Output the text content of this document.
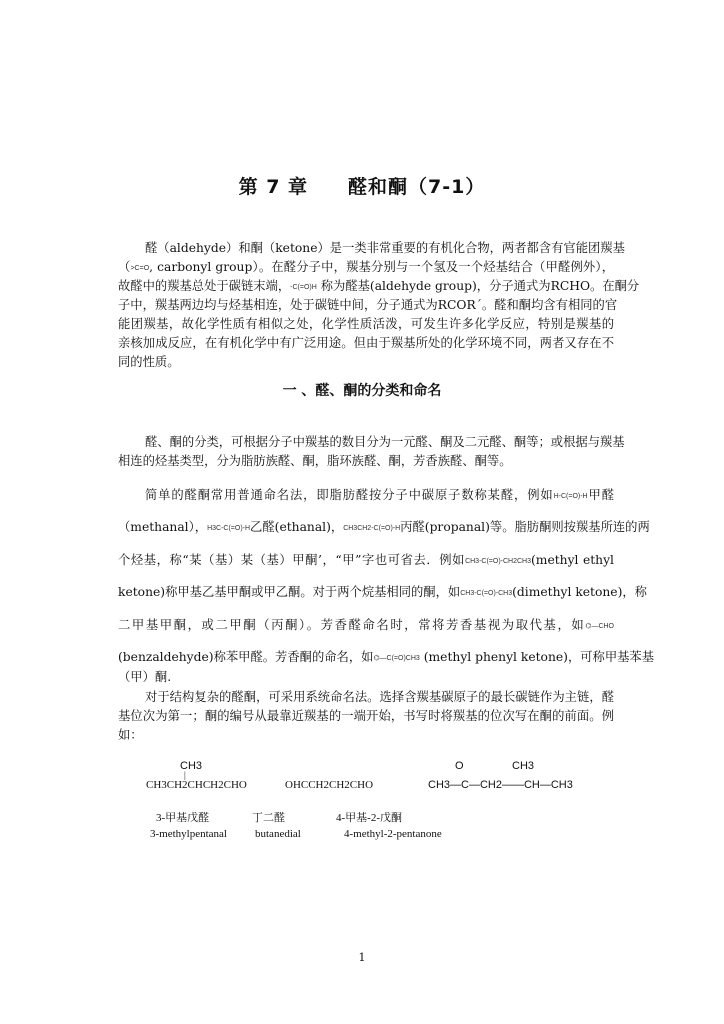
第 7 章　　醛和酮（7-1）
醛（aldehyde）和酮（ketone）是一类非常重要的有机化合物，两者都含有官能团羰基
（>C=O, carbonyl group）。在醛分子中，羰基分别与一个氢及一个烃基结合（甲醛例外），
故醛中的羰基总处于碳链末端，-C(=O)H 称为醛基(aldehyde group)，分子通式为RCHO。在酮分
子中，羰基两边均与烃基相连，处于碳链中间，分子通式为RCOR´。醛和酮均含有相同的官
能团羰基，故化学性质有相似之处，化学性质活泼，可发生许多化学反应，特别是羰基的
亲核加成反应，在有机化学中有广泛用途。但由于羰基所处的化学环境不同，两者又存在不
同的性质。
醛、酮的分类，可根据分子中羰基的数目分为一元醛、酮及二元醛、酮等；或根据与羰基
相连的烃基类型，分为脂肪族醛、酮，脂环族醛、酮，芳香族醛、酮等。
简单的醛酮常用普通命名法，即脂肪醛按分子中碳原子数称某醛，例如H-C(=O)-H甲醛
（methanal），H3C-C(=O)-H乙醛(ethanal)，CH3CH2-C(=O)-H丙醛(propanal)等。脂肪酮则按羰基所连的两
个烃基，称“某（基）某（基）甲酮’，“甲”字也可省去．例如CH3-C(=O)-CH2CH3(methyl ethyl
ketone)称甲基乙基甲酮或甲乙酮。对于两个烷基相同的酮，如CH3-C(=O)-CH3(dimethyl ketone)，称
二甲基甲酮，或二甲酮（丙酮）。芳香醛命名时，常将芳香基视为取代基，如⌬—CHO
(benzaldehyde)称苯甲醛。芳香酮的命名，如⌬—C(=O)CH3 (methyl phenyl ketone)，可称甲基苯基
（甲）酮.
对于结构复杂的醛酮，可采用系统命名法。选择含羰基碳原子的最长碳链作为主链，醛
基位次为第一；酮的编号从最靠近羰基的一端开始，书写时将羰基的位次写在酮的前面。例
如：
一 、醛、酮的分类和命名
CH3
|
CH3CH2CHCH2CHO
3-甲基戊醛
3-methylpentanal
OHCCH2CH2CHO
丁二醛
butanedial
O	CH3
CH3—C—CH2——CH—CH3
4-甲基-2-戊酮
4-methyl-2-pentanone
1
